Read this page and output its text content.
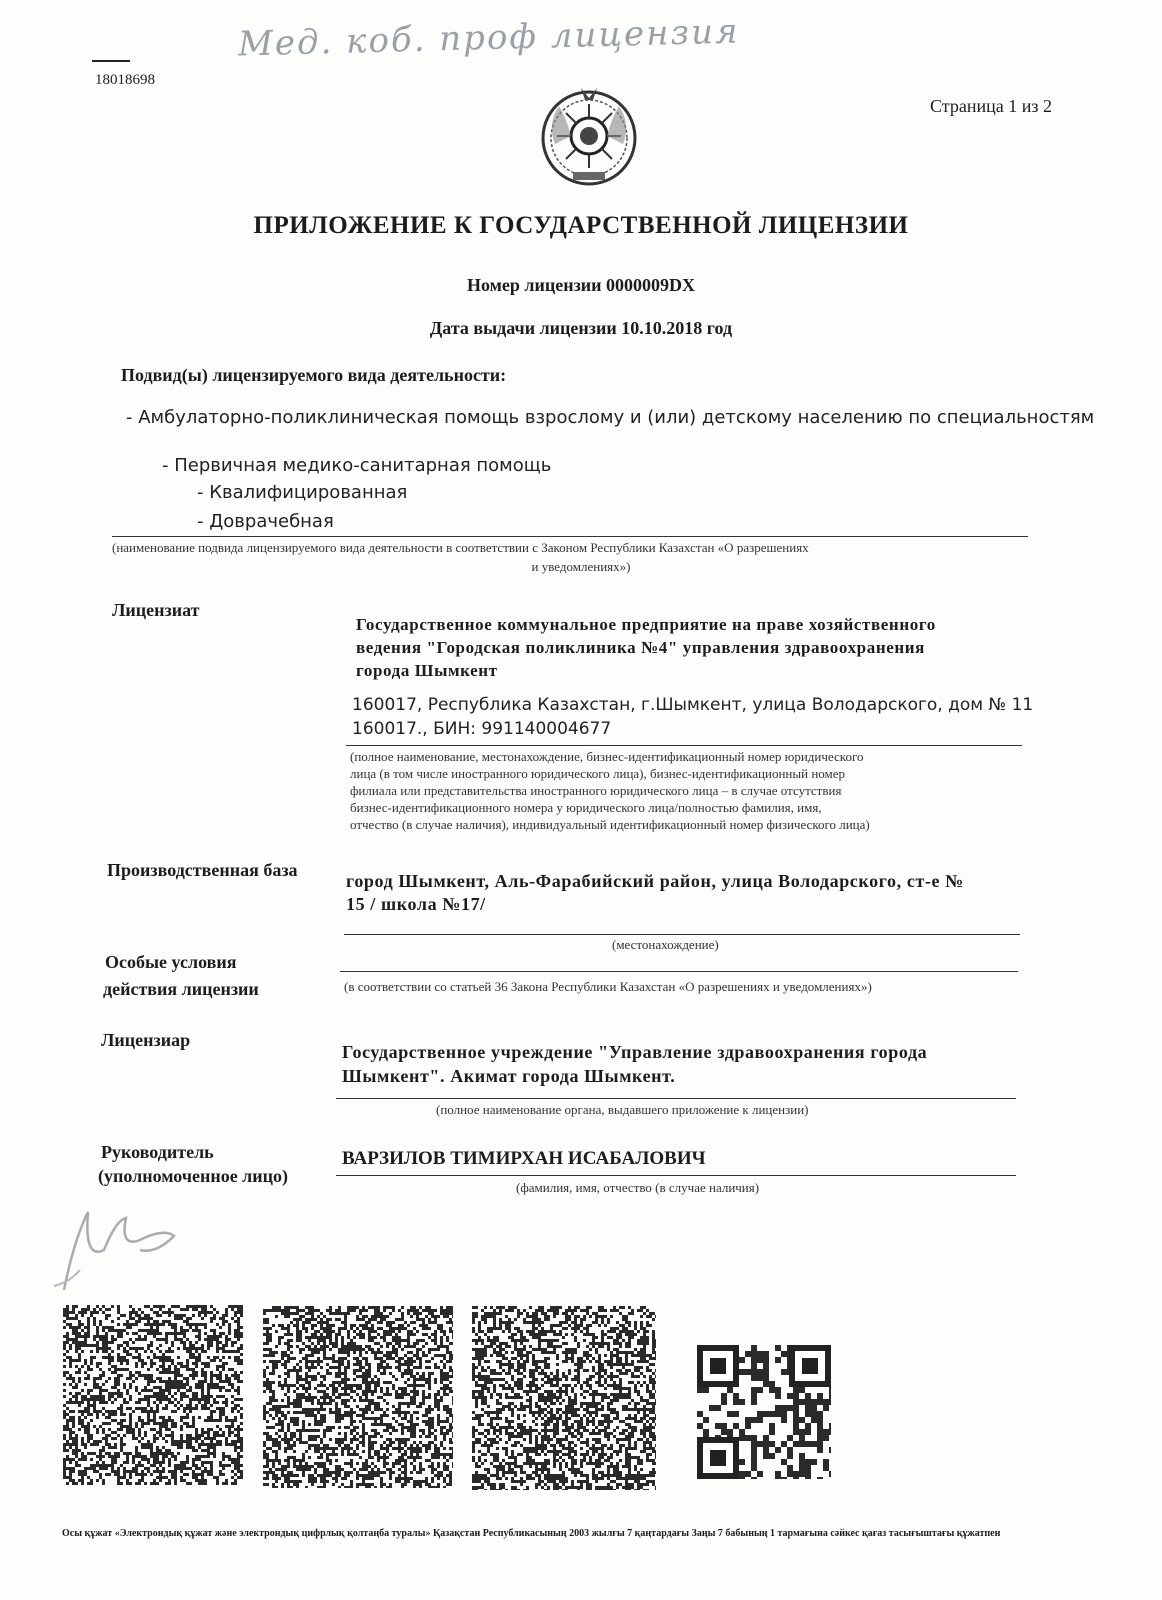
Мед. коб. проф лицензия
18018698
Страница 1 из 2
ПРИЛОЖЕНИЕ К ГОСУДАРСТВЕННОЙ ЛИЦЕНЗИИ
Номер лицензии 0000009DX
Дата выдачи лицензии 10.10.2018 год
Подвид(ы) лицензируемого вида деятельности:
- Амбулаторно-поликлиническая помощь взрослому и (или) детскому населению по специальностям
- Первичная медико-санитарная помощь
- Квалифицированная
- Доврачебная
(наименование подвида лицензируемого вида деятельности в соответствии с Законом Республики Казахстан «О разрешениях
и уведомлениях»)
Лицензиат
Государственное коммунальное предприятие на праве хозяйственного
ведения "Городская поликлиника №4" управления здравоохранения
города Шымкент
160017, Республика Казахстан, г.Шымкент, улица Володарского, дом № 11
160017., БИН: 991140004677
(полное наименование, местонахождение, бизнес-идентификационный номер юридического
лица (в том числе иностранного юридического лица), бизнес-идентификационный номер
филиала или представительства иностранного юридического лица – в случае отсутствия
бизнес-идентификационного номера у юридического лица/полностью фамилия, имя,
отчество (в случае наличия), индивидуальный идентификационный номер физического лица)
Производственная база
город Шымкент, Аль-Фарабийский район, улица Володарского, ст-е №
15 / школа №17/
(местонахождение)
Особые условия
действия лицензии	(в соответствии со статьей 36 Закона Республики Казахстан «О разрешениях и уведомлениях»)
Лицензиар
Государственное учреждение "Управление здравоохранения города
Шымкент". Акимат города Шымкент.
(полное наименование органа, выдавшего приложение к лицензии)
Руководитель
(уполномоченное лицо)
ВАРЗИЛОВ ТИМИРХАН ИСАБАЛОВИЧ
(фамилия, имя, отчество (в случае наличия)
Осы құжат «Электрондық құжат және электрондық цифрлық қолтаңба туралы» Қазақстан Республикасының 2003 жылғы 7 қаңтардағы Заңы 7 бабының 1 тармағына сәйкес қағаз тасығыштағы құжатпен
